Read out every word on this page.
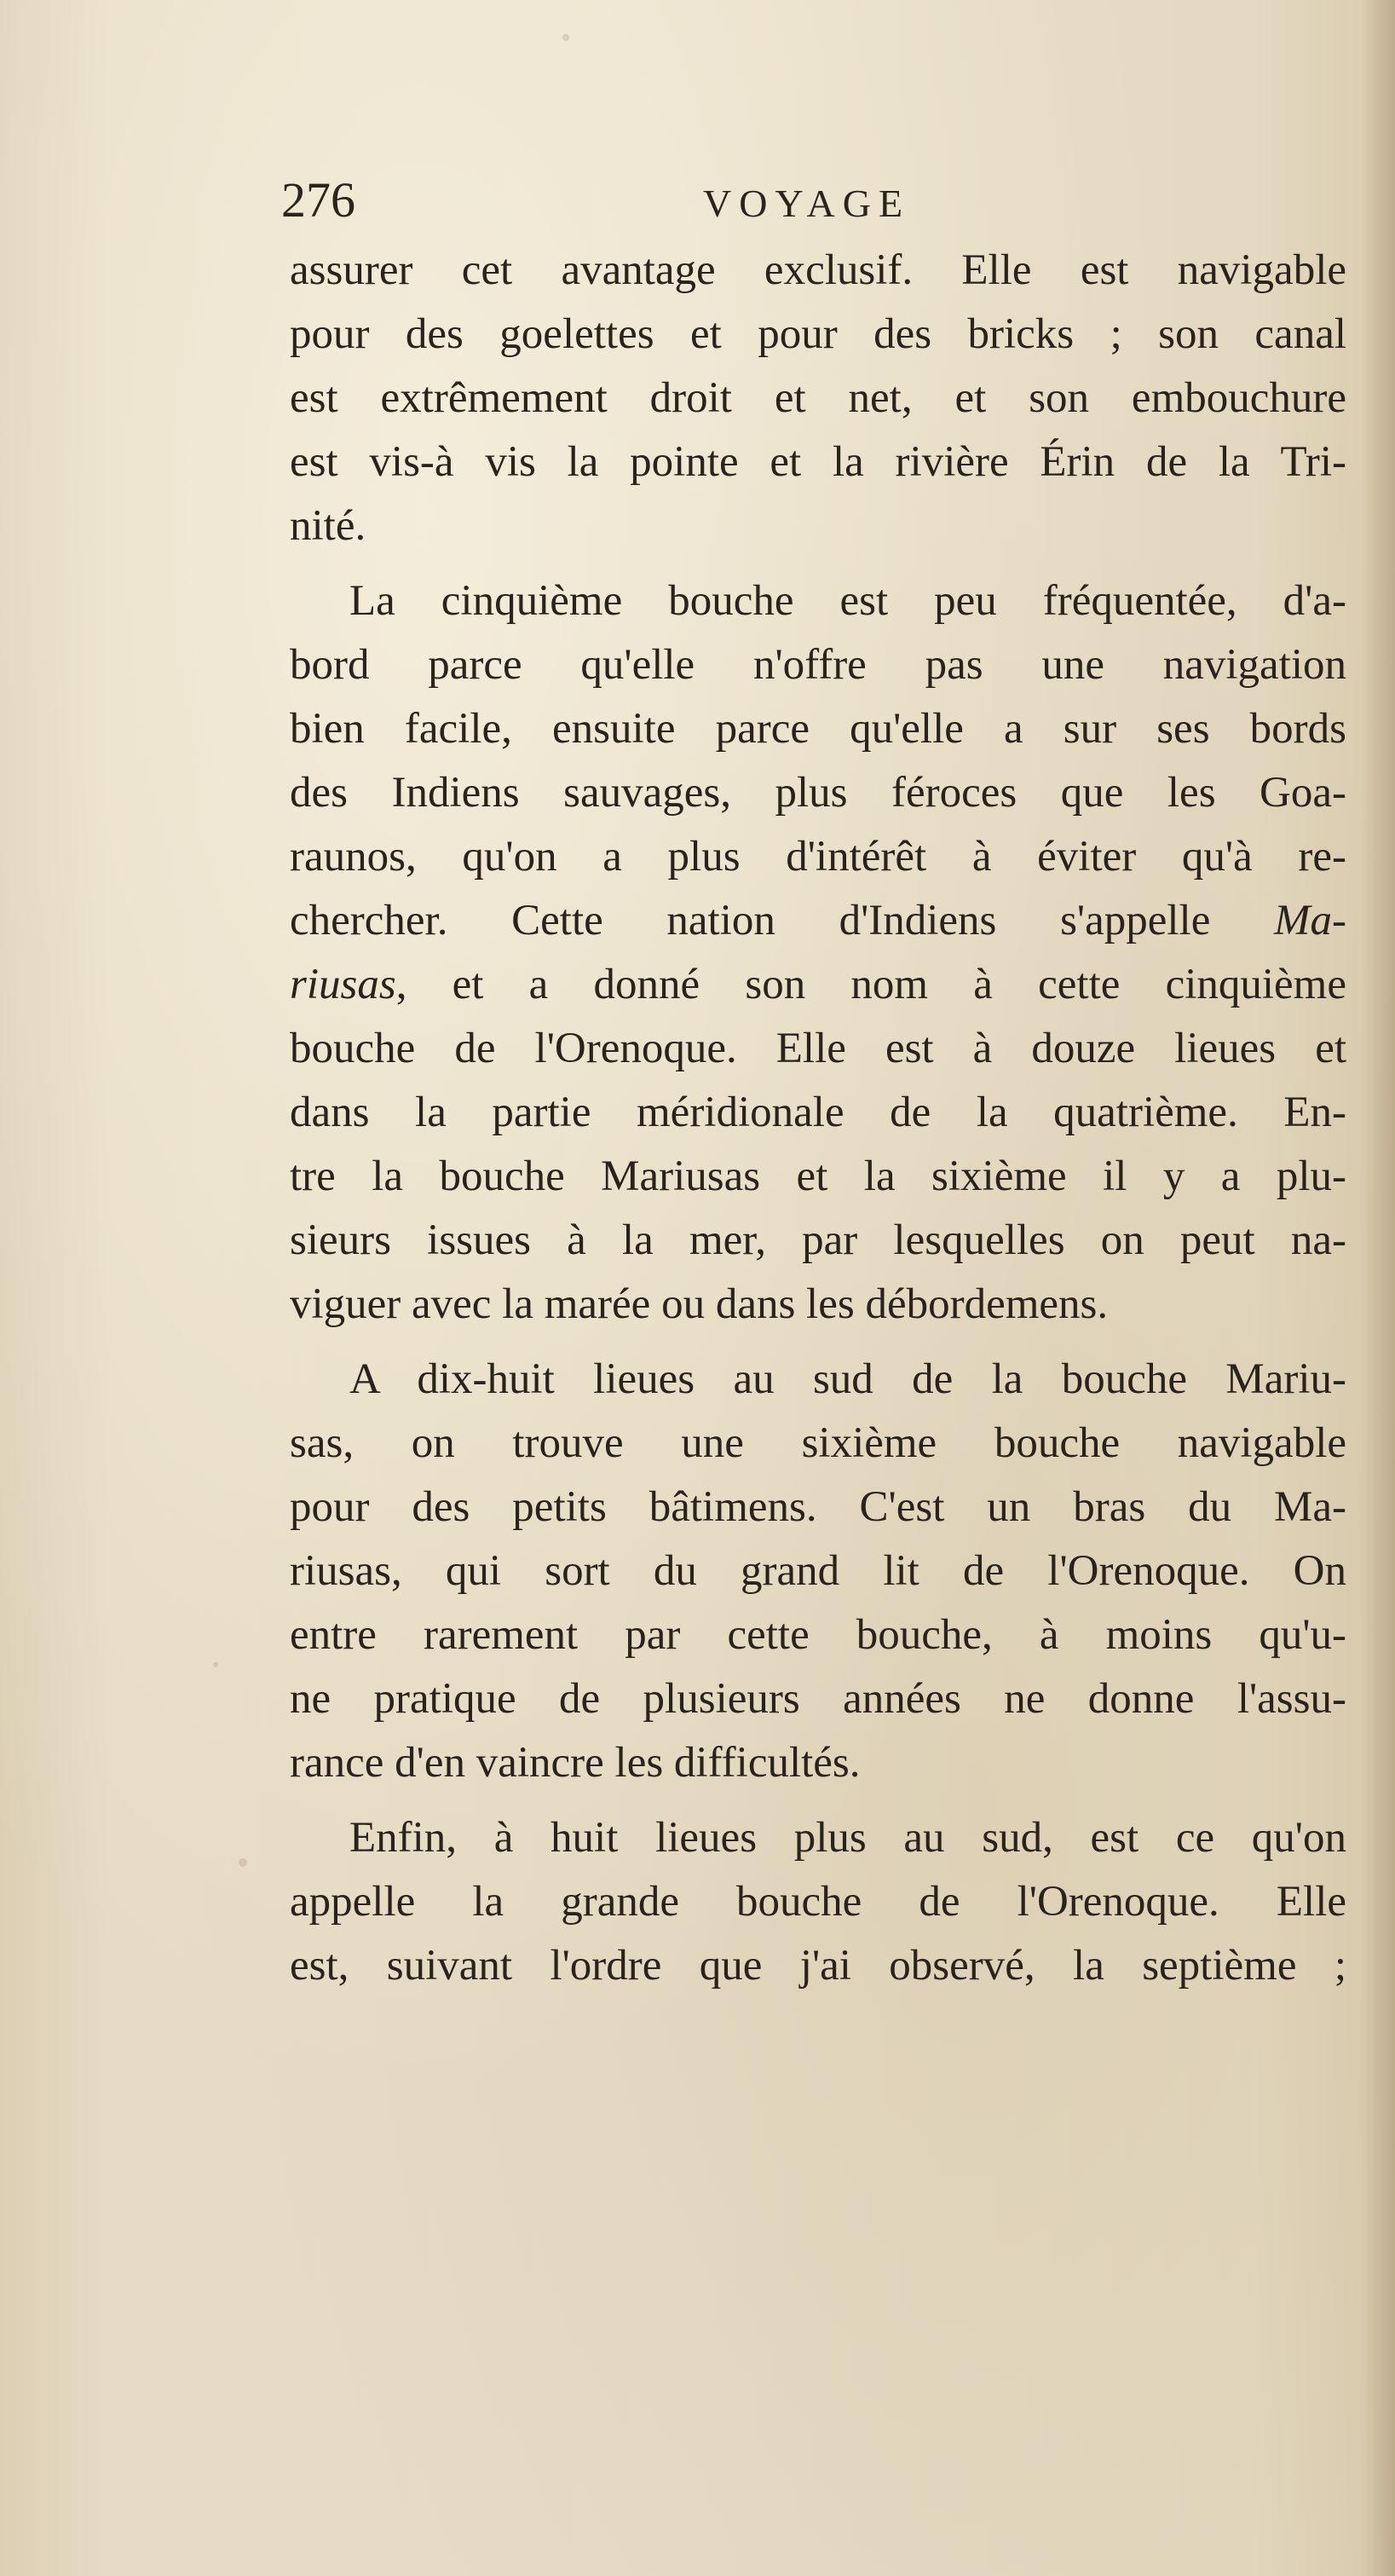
276	VOYAGE
assurer cet avantage exclusif. Elle est navigable
pour des goelettes et pour des bricks ; son canal
est extrêmement droit et net, et son embouchure
est vis-à vis la pointe et la rivière Érin de la Tri-
nité.
La cinquième bouche est peu fréquentée, d'a-
bord parce qu'elle n'offre pas une navigation
bien facile, ensuite parce qu'elle a sur ses bords
des Indiens sauvages, plus féroces que les Goa-
raunos, qu'on a plus d'intérêt à éviter qu'à re-
chercher. Cette nation d'Indiens s'appelle Ma-
riusas, et a donné son nom à cette cinquième
bouche de l'Orenoque. Elle est à douze lieues et
dans la partie méridionale de la quatrième. En-
tre la bouche Mariusas et la sixième il y a plu-
sieurs issues à la mer, par lesquelles on peut na-
viguer avec la marée ou dans les débordemens.
A dix-huit lieues au sud de la bouche Mariu-
sas, on trouve une sixième bouche navigable
pour des petits bâtimens. C'est un bras du Ma-
riusas, qui sort du grand lit de l'Orenoque. On
entre rarement par cette bouche, à moins qu'u-
ne pratique de plusieurs années ne donne l'assu-
rance d'en vaincre les difficultés.
Enfin, à huit lieues plus au sud, est ce qu'on
appelle la grande bouche de l'Orenoque. Elle
est, suivant l'ordre que j'ai observé, la septième ;
